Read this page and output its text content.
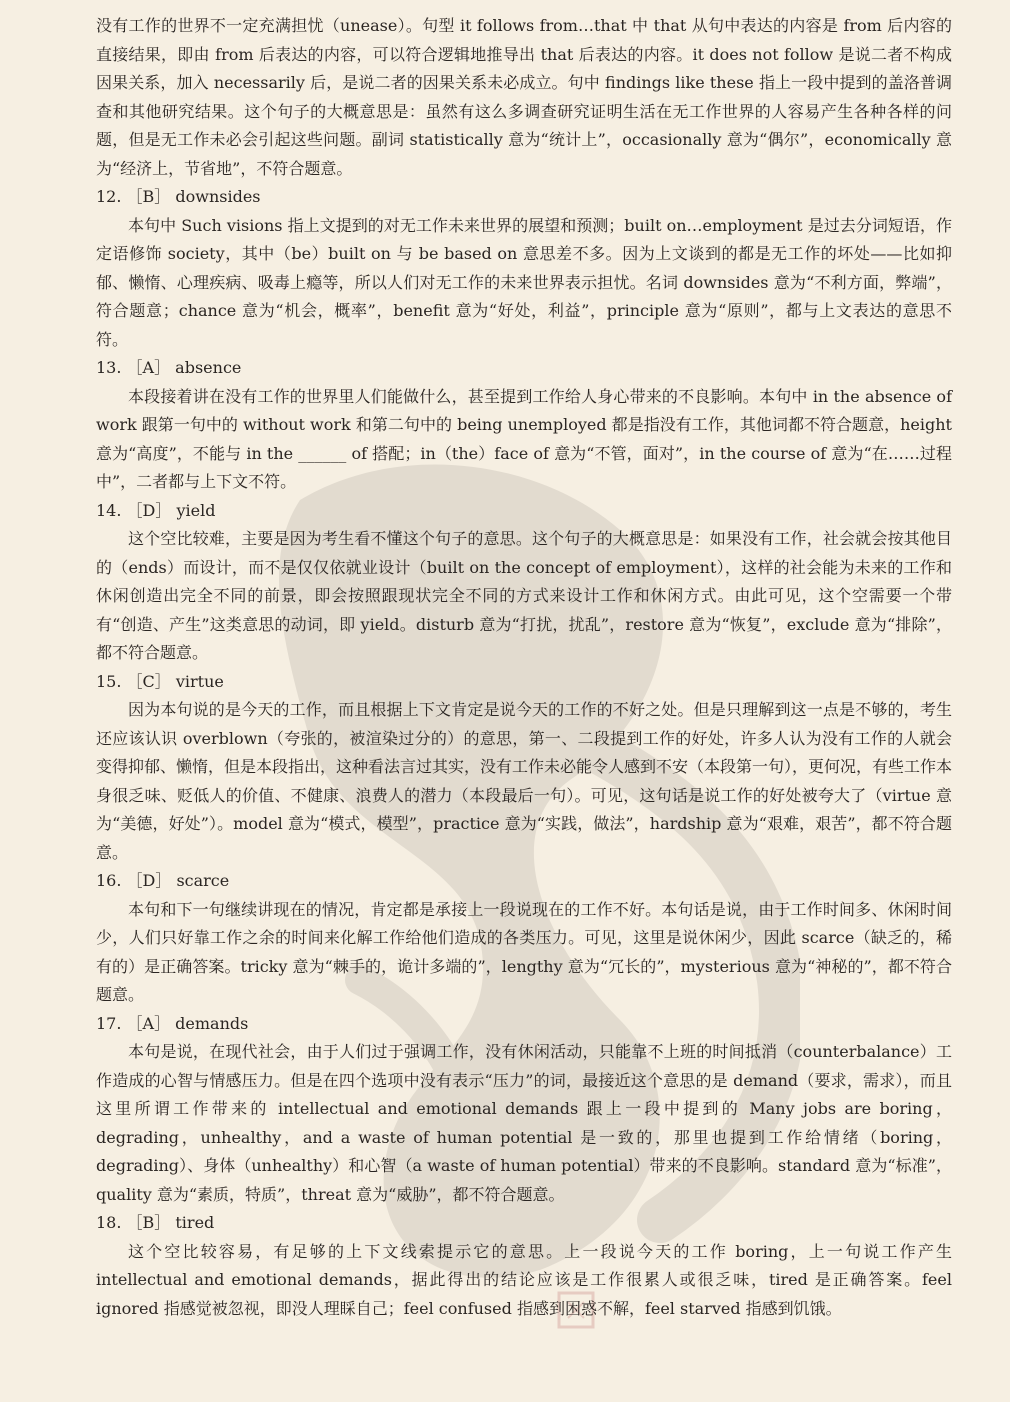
没有工作的世界不一定充满担忧（unease）。句型 it follows from…that 中 that 从句中表达的内容是 from 后内容的直接结果，即由 from 后表达的内容，可以符合逻辑地推导出 that 后表达的内容。it does not follow 是说二者不构成因果关系，加入 necessarily 后，是说二者的因果关系未必成立。句中 findings like these 指上一段中提到的盖洛普调查和其他研究结果。这个句子的大概意思是：虽然有这么多调查研究证明生活在无工作世界的人容易产生各种各样的问题，但是无工作未必会引起这些问题。副词 statistically 意为“统计上”，occasionally 意为“偶尔”，economically 意为“经济上，节省地”，不符合题意。

12. ［B］ downsides

本句中 Such visions 指上文提到的对无工作未来世界的展望和预测；built on…employment 是过去分词短语，作定语修饰 society，其中（be）built on 与 be based on 意思差不多。因为上文谈到的都是无工作的坏处——比如抑郁、懒惰、心理疾病、吸毒上瘾等，所以人们对无工作的未来世界表示担忧。名词 downsides 意为“不利方面，弊端”，符合题意；chance 意为“机会，概率”，benefit 意为“好处，利益”，principle 意为“原则”，都与上文表达的意思不符。

13. ［A］ absence

本段接着讲在没有工作的世界里人们能做什么，甚至提到工作给人身心带来的不良影响。本句中 in the absence of work 跟第一句中的 without work 和第二句中的 being unemployed 都是指没有工作，其他词都不符合题意，height 意为“高度”，不能与 in the ______ of 搭配；in（the）face of 意为“不管，面对”，in the course of 意为“在……过程中”，二者都与上下文不符。

14. ［D］ yield

这个空比较难，主要是因为考生看不懂这个句子的意思。这个句子的大概意思是：如果没有工作，社会就会按其他目的（ends）而设计，而不是仅仅依就业设计（built on the concept of employment），这样的社会能为未来的工作和休闲创造出完全不同的前景，即会按照跟现状完全不同的方式来设计工作和休闲方式。由此可见，这个空需要一个带有“创造、产生”这类意思的动词，即 yield。disturb 意为“打扰，扰乱”，restore 意为“恢复”，exclude 意为“排除”，都不符合题意。

15. ［C］ virtue

因为本句说的是今天的工作，而且根据上下文肯定是说今天的工作的不好之处。但是只理解到这一点是不够的，考生还应该认识 overblown（夸张的，被渲染过分的）的意思，第一、二段提到工作的好处，许多人认为没有工作的人就会变得抑郁、懒惰，但是本段指出，这种看法言过其实，没有工作未必能令人感到不安（本段第一句），更何况，有些工作本身很乏味、贬低人的价值、不健康、浪费人的潜力（本段最后一句）。可见，这句话是说工作的好处被夸大了（virtue 意为“美德，好处”）。model 意为“模式，模型”，practice 意为“实践，做法”，hardship 意为“艰难，艰苦”，都不符合题意。

16. ［D］ scarce

本句和下一句继续讲现在的情况，肯定都是承接上一段说现在的工作不好。本句话是说，由于工作时间多、休闲时间少，人们只好靠工作之余的时间来化解工作给他们造成的各类压力。可见，这里是说休闲少，因此 scarce（缺乏的，稀有的）是正确答案。tricky 意为“棘手的，诡计多端的”，lengthy 意为“冗长的”，mysterious 意为“神秘的”，都不符合题意。

17. ［A］ demands

本句是说，在现代社会，由于人们过于强调工作，没有休闲活动，只能靠不上班的时间抵消（counterbalance）工作造成的心智与情感压力。但是在四个选项中没有表示“压力”的词，最接近这个意思的是 demand（要求，需求），而且这里所谓工作带来的 intellectual and emotional demands 跟上一段中提到的 Many jobs are boring，degrading，unhealthy，and a waste of human potential 是一致的，那里也提到工作给情绪（boring，degrading）、身体（unhealthy）和心智（a waste of human potential）带来的不良影响。standard 意为“标准”，quality 意为“素质，特质”，threat 意为“威胁”，都不符合题意。

18. ［B］ tired

这个空比较容易，有足够的上下文线索提示它的意思。上一段说今天的工作 boring，上一句说工作产生 intellectual and emotional demands，据此得出的结论应该是工作很累人或很乏味，tired 是正确答案。feel ignored 指感觉被忽视，即没人理睬自己；feel confused 指感到困惑不解，feel starved 指感到饥饿。
